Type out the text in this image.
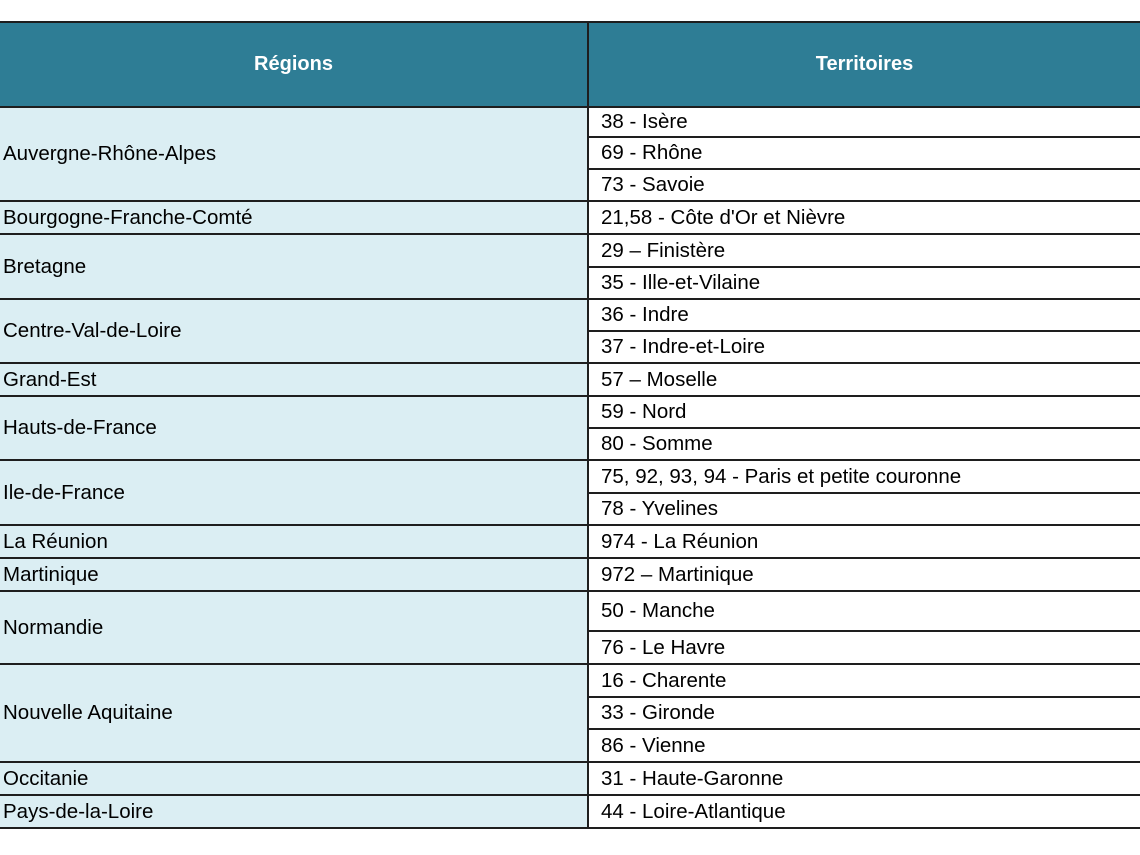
Régions	Territoires
Auvergne-Rhône-Alpes	38 - Isère
	69 - Rhône
	73 - Savoie
Bourgogne-Franche-Comté	21,58 - Côte d'Or et Nièvre
Bretagne	29 – Finistère
	35 - Ille-et-Vilaine
Centre-Val-de-Loire	36 - Indre
	37 - Indre-et-Loire
Grand-Est	57 – Moselle
Hauts-de-France	59 - Nord
	80 - Somme
Ile-de-France	75, 92, 93, 94 - Paris et petite couronne
	78 - Yvelines
La Réunion	974 - La Réunion
Martinique	972 – Martinique
Normandie	50 - Manche
	76 - Le Havre
Nouvelle Aquitaine	16 - Charente
	33 - Gironde
	86 - Vienne
Occitanie	31 - Haute-Garonne
Pays-de-la-Loire	44 - Loire-Atlantique
